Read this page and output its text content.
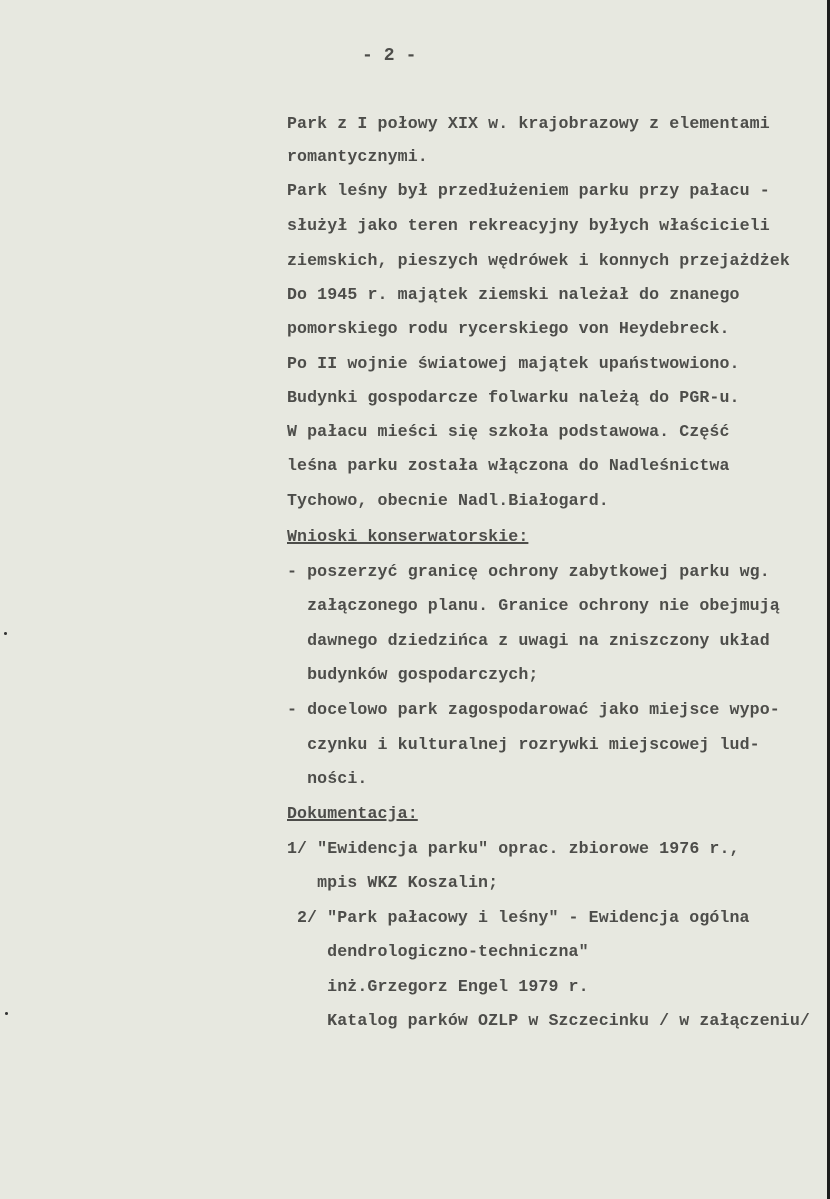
- 2 -
Park z I połowy XIX w. krajobrazowy z elementami
romantycznymi.
Park leśny był przedłużeniem parku przy pałacu -
służył jako teren rekreacyjny byłych właścicieli
ziemskich, pieszych wędrówek i konnych przejażdżek
Do 1945 r. majątek ziemski należał do znanego
pomorskiego rodu rycerskiego von Heydebreck.
Po II wojnie światowej majątek upaństwowiono.
Budynki gospodarcze folwarku należą do PGR-u.
W pałacu mieści się szkoła podstawowa. Część
leśna parku została włączona do Nadleśnictwa
Tychowo, obecnie Nadl.Białogard.
Wnioski konserwatorskie:
- poszerzyć granicę ochrony zabytkowej parku wg.
załączonego planu. Granice ochrony nie obejmują
dawnego dziedzińca z uwagi na zniszczony układ
budynków gospodarczych;
- docelowo park zagospodarować jako miejsce wypo-
czynku i kulturalnej rozrywki miejscowej lud-
ności.
Dokumentacja:
1/ "Ewidencja parku" oprac. zbiorowe 1976 r.,
mpis WKZ Koszalin;
2/ "Park pałacowy i leśny" - Ewidencja ogólna
dendrologiczno-techniczna"
inż.Grzegorz Engel 1979 r.
Katalog parków OZLP w Szczecinku / w załączeniu/
